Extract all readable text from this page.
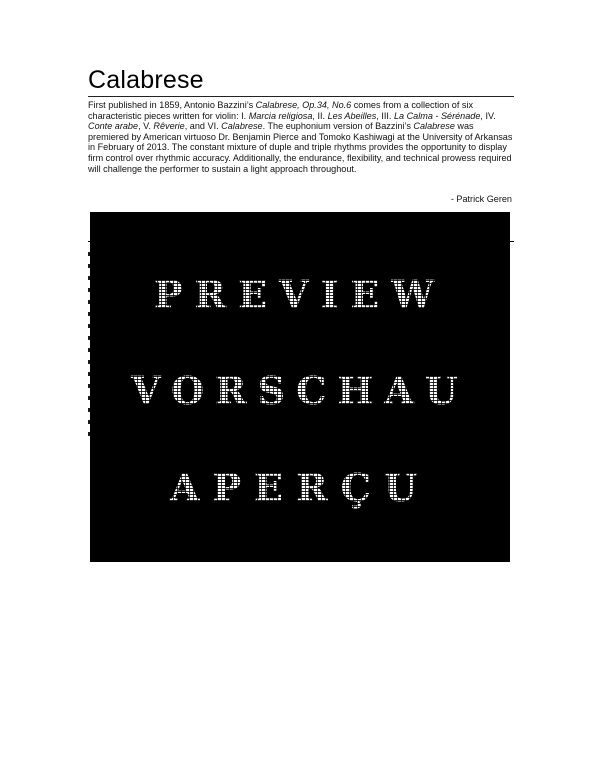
Calabrese

First published in 1859, Antonio Bazzini’s Calabrese, Op.34, No.6 comes from a collection of six characteristic pieces written for violin: I. Marcia religiosa, II. Les Abeilles, III. La Calma - Sérénade, IV. Conte arabe, V. Rêverie, and VI. Calabrese. The euphonium version of Bazzini’s Calabrese was premiered by American virtuoso Dr. Benjamin Pierce and Tomoko Kashiwagi at the University of Arkansas in February of 2013. The constant mixture of duple and triple rhythms provides the opportunity to display firm control over rhythmic accuracy. Additionally, the endurance, flexibility, and technical prowess required will challenge the performer to sustain a light approach throughout.

- Patrick Geren
PREVIEW
VORSCHAU
APERÇU
